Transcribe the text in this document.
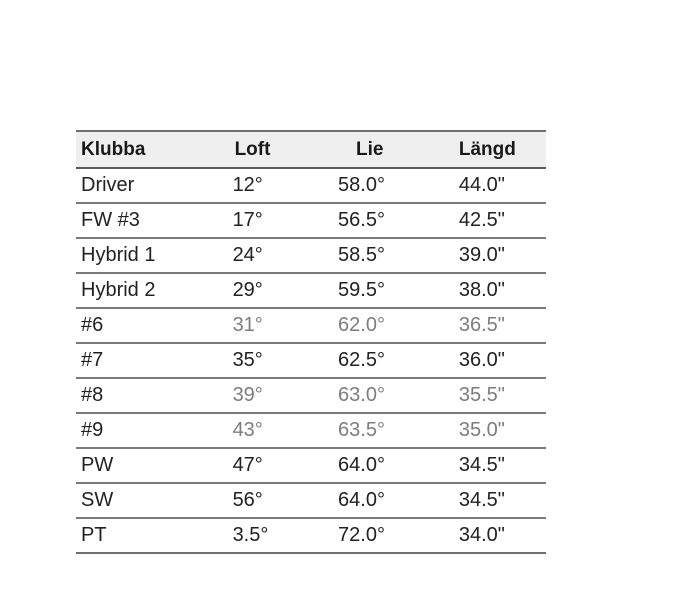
Klubba	Loft	Lie	Längd
Driver	12°	58.0°	44.0"
FW #3	17°	56.5°	42.5"
Hybrid 1	24°	58.5°	39.0"
Hybrid 2	29°	59.5°	38.0"
#6	31°	62.0°	36.5"
#7	35°	62.5°	36.0"
#8	39°	63.0°	35.5"
#9	43°	63.5°	35.0"
PW	47°	64.0°	34.5"
SW	56°	64.0°	34.5"
PT	3.5°	72.0°	34.0"
